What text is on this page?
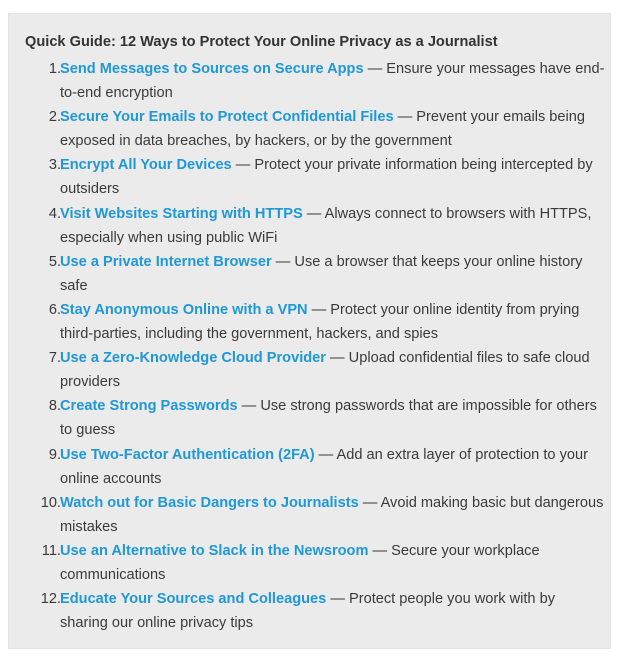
Quick Guide: 12 Ways to Protect Your Online Privacy as a Journalist
1. Send Messages to Sources on Secure Apps — Ensure your messages have end-to-end encryption
2. Secure Your Emails to Protect Confidential Files — Prevent your emails being exposed in data breaches, by hackers, or by the government
3. Encrypt All Your Devices — Protect your private information being intercepted by outsiders
4. Visit Websites Starting with HTTPS — Always connect to browsers with HTTPS, especially when using public WiFi
5. Use a Private Internet Browser — Use a browser that keeps your online history safe
6. Stay Anonymous Online with a VPN — Protect your online identity from prying third-parties, including the government, hackers, and spies
7. Use a Zero-Knowledge Cloud Provider — Upload confidential files to safe cloud providers
8. Create Strong Passwords — Use strong passwords that are impossible for others to guess
9. Use Two-Factor Authentication (2FA) — Add an extra layer of protection to your online accounts
10. Watch out for Basic Dangers to Journalists — Avoid making basic but dangerous mistakes
11. Use an Alternative to Slack in the Newsroom — Secure your workplace communications
12. Educate Your Sources and Colleagues — Protect people you work with by sharing our online privacy tips
